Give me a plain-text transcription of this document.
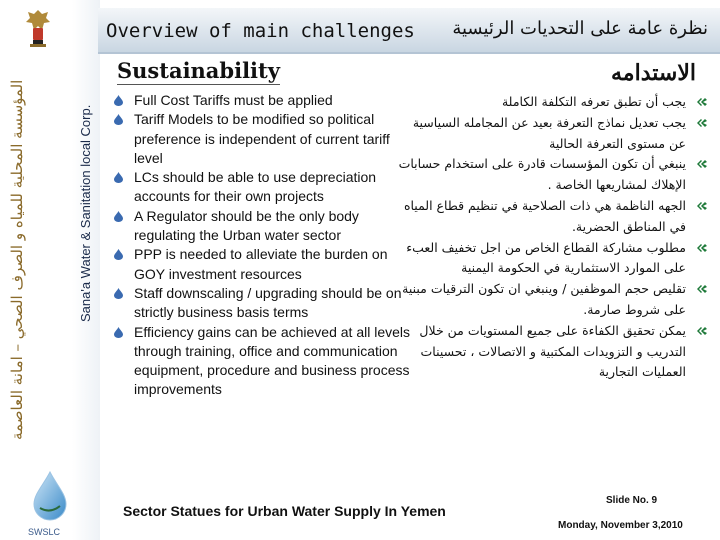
المؤسسة المحلية للمياه و الصرف الصحي – امانة العاصمة	Sana'a Water & Sanitation local Corp.
SWSLC
Overview of main challenges نظرة عامة على التحديات الرئيسية
Sustainability	الاستدامه
Full Cost Tariffs must be applied
Tariff Models to be modified so political preference is independent of current tariff level
LCs should be able to use depreciation accounts for their own projects
A Regulator should be the only body regulating the Urban water sector
PPP is needed to alleviate the burden on GOY investment resources
Staff downscaling / upgrading should be on strictly business basis terms
Efficiency gains can be achieved at all levels through training, office and communication equipment, procedure and business process improvements
يجب أن تطبق تعرفه التكلفة الكاملة
يجب تعديل نماذج التعرفة بعيد عن المجامله السياسية عن مستوى التعرفة الحالية
ينبغي أن تكون المؤسسات قادرة على استخدام حسابات الإهلاك لمشاريعها الخاصة .
الجهه الناظمة هي ذات الصلاحية في تنظيم قطاع المياه في المناطق الحضرية.
مطلوب مشاركة القطاع الخاص من اجل تخفيف العبء على الموارد الاستثمارية في الحكومة اليمنية
تقليص حجم الموظفين / وينبغي ان تكون الترقيات مبنية على شروط صارمة.
يمكن تحقيق الكفاءة على جميع المستويات من خلال التدريب و التزويدات المكتبية و الاتصالات ، تحسينات العمليات التجارية
Sector Statues for Urban Water Supply In Yemen
Slide No. 9
Monday, November 3,2010
